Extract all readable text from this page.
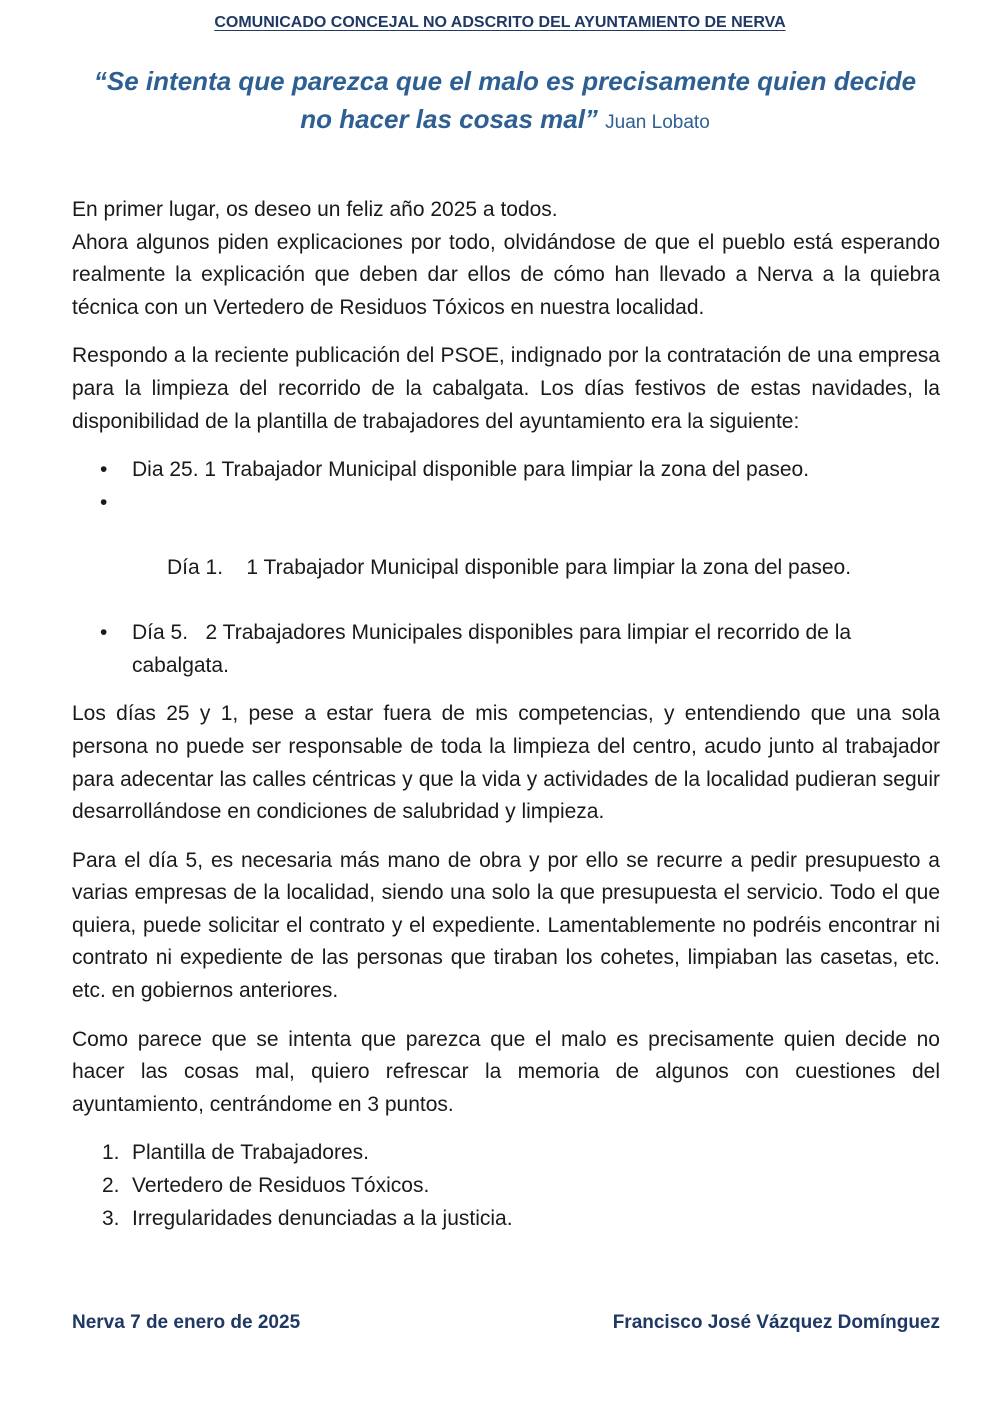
COMUNICADO CONCEJAL NO ADSCRITO DEL AYUNTAMIENTO DE NERVA
“Se intenta que parezca que el malo es precisamente quien decide
no hacer las cosas mal” Juan Lobato

En primer lugar, os deseo un feliz año 2025 a todos.

Ahora algunos piden explicaciones por todo, olvidándose de que el pueblo está esperando realmente la explicación que deben dar ellos de cómo han llevado a Nerva a la quiebra técnica con un Vertedero de Residuos Tóxicos en nuestra localidad.

Respondo a la reciente publicación del PSOE, indignado por la contratación de una empresa para la limpieza del recorrido de la cabalgata. Los días festivos de estas navidades, la disponibilidad de la plantilla de trabajadores del ayuntamiento era la siguiente:

• Dia 25. 1 Trabajador Municipal disponible para limpiar la zona del paseo.

•

Día 1.    1 Trabajador Municipal disponible para limpiar la zona del paseo.

• Día 5.   2 Trabajadores Municipales disponibles para limpiar el recorrido de la cabalgata.

Los días 25 y 1, pese a estar fuera de mis competencias, y entendiendo que una sola persona no puede ser responsable de toda la limpieza del centro, acudo junto al trabajador para adecentar las calles céntricas y que la vida y actividades de la localidad pudieran seguir desarrollándose en condiciones de salubridad y limpieza.

Para el día 5, es necesaria más mano de obra y por ello se recurre a pedir presupuesto a varias empresas de la localidad, siendo una solo la que presupuesta el servicio. Todo el que quiera, puede solicitar el contrato y el expediente. Lamentablemente no podréis encontrar ni contrato ni expediente de las personas que tiraban los cohetes, limpiaban las casetas, etc. etc. en gobiernos anteriores.

Como parece que se intenta que parezca que el malo es precisamente quien decide no hacer las cosas mal, quiero refrescar la memoria de algunos con cuestiones del ayuntamiento, centrándome en 3 puntos.

1. Plantilla de Trabajadores.
2. Vertedero de Residuos Tóxicos.
3. Irregularidades denunciadas a la justicia.
Nerva 7 de enero de 2025	Francisco José Vázquez Domínguez
